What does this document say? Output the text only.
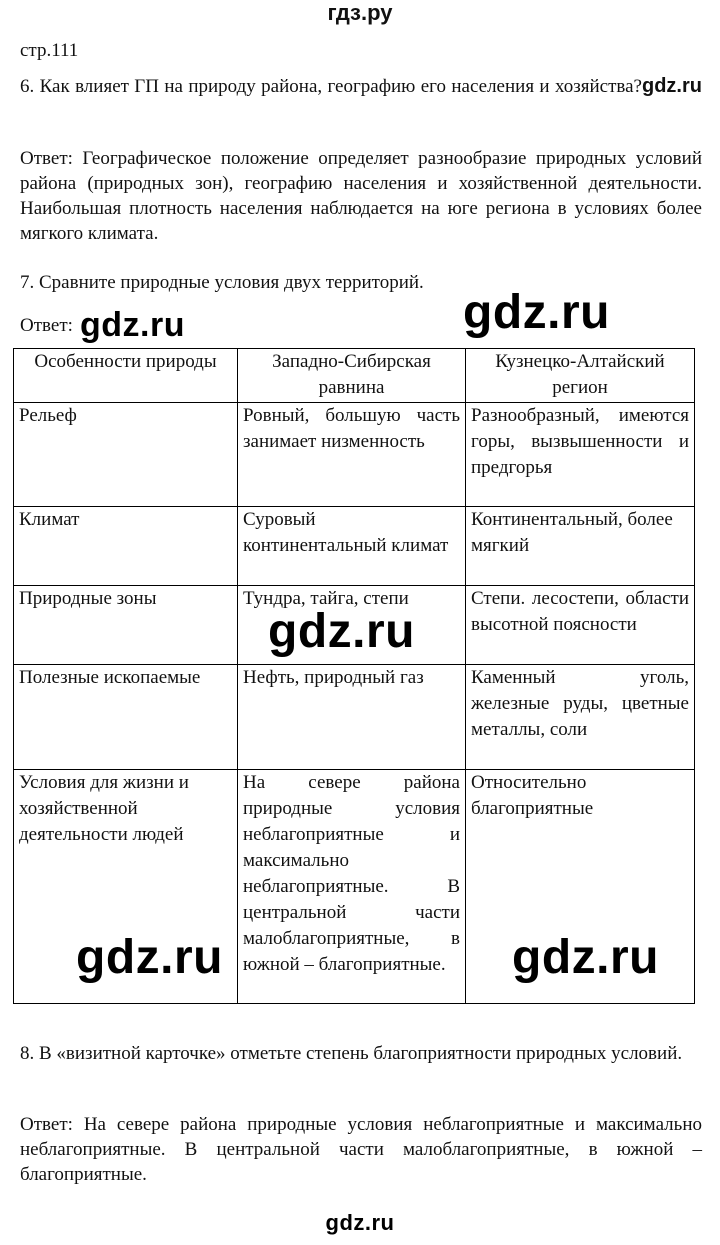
гдз.ру
стр.111
6. Как влияет ГП на природу района, географию его населения и хозяйства?gdz.ru
Ответ: Географическое положение определяет разнообразие природных условий района (природных зон), географию населения и хозяйственной деятельности. Наибольшая плотность населения наблюдается на юге региона в условиях более мягкого климата.
7. Сравните природные условия двух территорий.
Ответ:
Особенности природы	Западно-Сибирская равнина	Кузнецко-Алтайский регион
Рельеф	Ровный, большую часть занимает низменность	Разнообразный, имеются горы, вызвышенности и предгорья
Климат	Суровый континентальный климат	Континентальный, более мягкий
Природные зоны	Тундра, тайга, степи	Степи. лесостепи, области высотной поясности
Полезные ископаемые	Нефть, природный газ	Каменный уголь, железные руды, цветные металлы, соли
Условия для жизни и хозяйственной деятельности людей	На севере района природные условия неблагоприятные и максимально неблагоприятные. В центральной части малоблагоприятные, в южной – благоприятные.	Относительно благоприятные
8. В «визитной карточке» отметьте степень благоприятности природных условий.
Ответ: На севере района природные условия неблагоприятные и максимально неблагоприятные. В центральной части малоблагоприятные, в южной – благоприятные.
gdz.ru	gdz.ru
gdz.ru
gdz.ru	gdz.ru
gdz.ru
